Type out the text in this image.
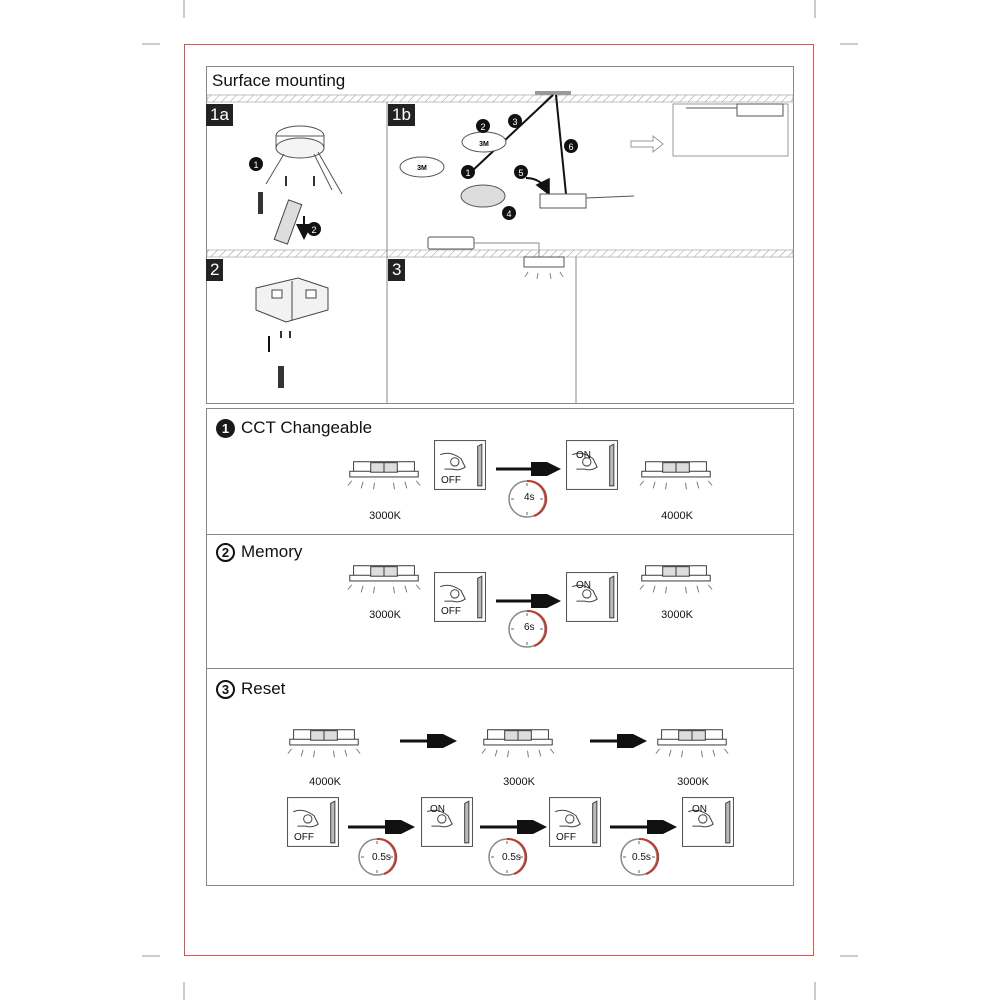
Surface mounting
1
2
3M
3M
2	3
1
4
5
6
1a	1b
2	3
1 CCT Changeable
2 Memory
3 Reset
3000K
OFF
4s
ON
4000K
3000K	OFF
6s
ON
3000K
4000K	3000K	3000K
OFF
0.5s
ON
0.5s
OFF
0.5s
ON
